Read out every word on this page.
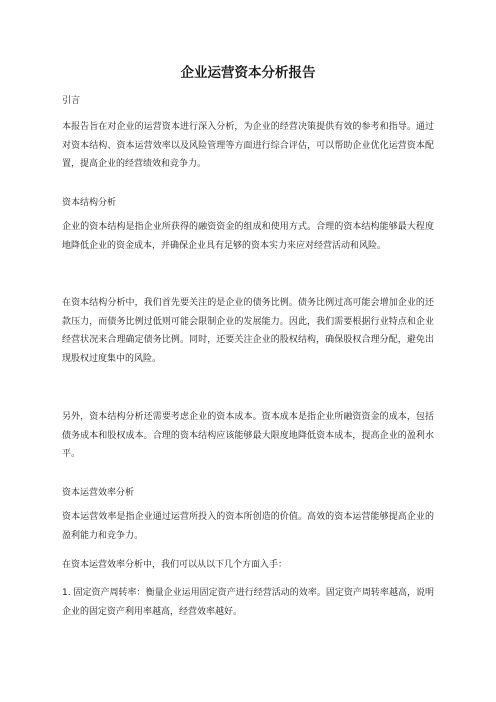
企业运营资本分析报告
引言
本报告旨在对企业的运营资本进行深入分析，为企业的经营决策提供有效的参考和指导。通过对资本结构、资本运营效率以及风险管理等方面进行综合评估，可以帮助企业优化运营资本配置，提高企业的经营绩效和竞争力。
资本结构分析
企业的资本结构是指企业所获得的融资资金的组成和使用方式。合理的资本结构能够最大程度地降低企业的资金成本，并确保企业具有足够的资本实力来应对经营活动和风险。
在资本结构分析中，我们首先要关注的是企业的债务比例。债务比例过高可能会增加企业的还款压力，而债务比例过低则可能会限制企业的发展能力。因此，我们需要根据行业特点和企业经营状况来合理确定债务比例。同时，还要关注企业的股权结构，确保股权合理分配，避免出现股权过度集中的风险。
另外，资本结构分析还需要考虑企业的资本成本。资本成本是指企业所融资资金的成本，包括债务成本和股权成本。合理的资本结构应该能够最大限度地降低资本成本，提高企业的盈利水平。
资本运营效率分析
资本运营效率是指企业通过运营所投入的资本所创造的价值。高效的资本运营能够提高企业的盈利能力和竞争力。
在资本运营效率分析中，我们可以从以下几个方面入手：
1. 固定资产周转率：衡量企业运用固定资产进行经营活动的效率。固定资产周转率越高，说明企业的固定资产利用率越高，经营效率越好。
